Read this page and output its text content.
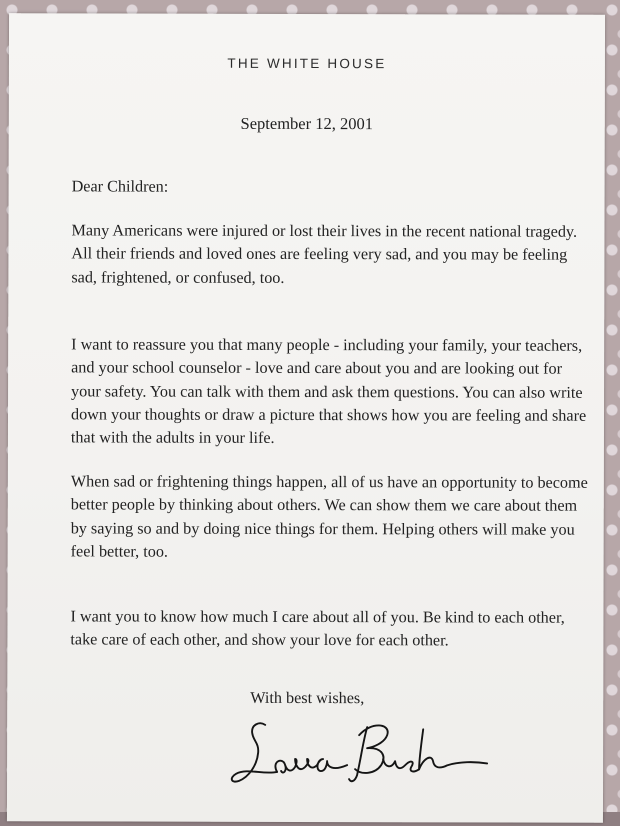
THE WHITE HOUSE
September 12, 2001

Dear Children:

Many Americans were injured or lost their lives in the recent national tragedy. All their friends and loved ones are feeling very sad, and you may be feeling sad, frightened, or confused, too.

I want to reassure you that many people - including your family, your teachers, and your school counselor - love and care about you and are looking out for your safety. You can talk with them and ask them questions. You can also write down your thoughts or draw a picture that shows how you are feeling and share that with the adults in your life.

When sad or frightening things happen, all of us have an opportunity to become better people by thinking about others. We can show them we care about them by saying so and by doing nice things for them. Helping others will make you feel better, too.

I want you to know how much I care about all of you. Be kind to each other, take care of each other, and show your love for each other.

With best wishes,
